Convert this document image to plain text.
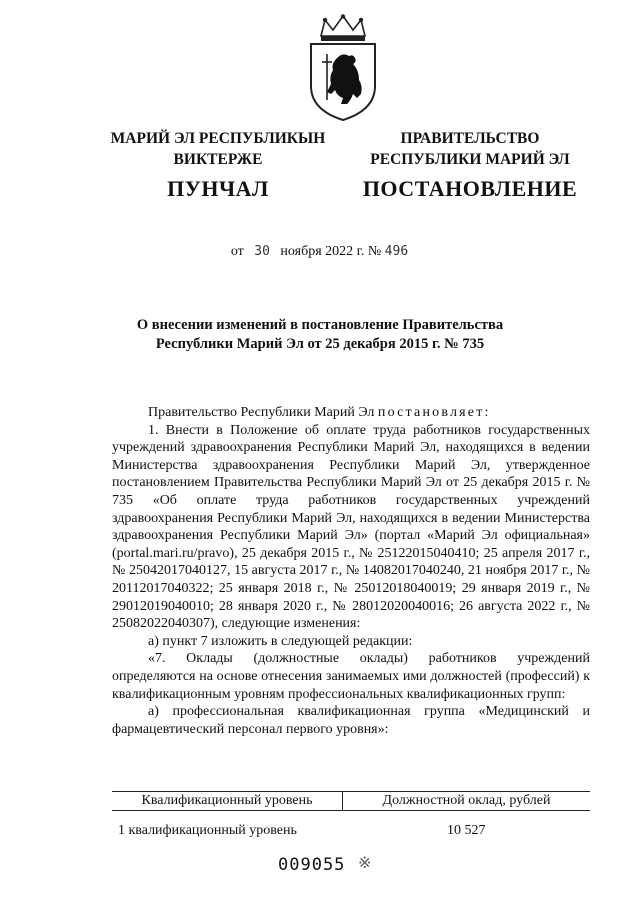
МАРИЙ ЭЛ РЕСПУБЛИКЫН
ВИКТЕРЖЕ
ПУНЧАЛ
ПРАВИТЕЛЬСТВО
РЕСПУБЛИКИ МАРИЙ ЭЛ
ПОСТАНОВЛЕНИЕ
от 30 ноября 2022 г. № 496
О внесении изменений в постановление Правительства
Республики Марий Эл от 25 декабря 2015 г. № 735

Правительство Республики Марий Эл постановляет:

1. Внести в Положение об оплате труда работников государственных учреждений здравоохранения Республики Марий Эл, находящихся в ведении Министерства здравоохранения Республики Марий Эл, утвержденное постановлением Правительства Республики Марий Эл от 25 декабря 2015 г. № 735 «Об оплате труда работников государственных учреждений здравоохранения Республики Марий Эл, находящихся в ведении Министерства здравоохранения Республики Марий Эл» (портал «Марий Эл официальная» (portal.mari.ru/pravo), 25 декабря 2015 г., № 25122015040410; 25 апреля 2017 г., № 25042017040127, 15 августа 2017 г., № 14082017040240, 21 ноября 2017 г., № 20112017040322; 25 января 2018 г., № 25012018040019; 29 января 2019 г., № 29012019040010; 28 января 2020 г., № 28012020040016; 26 августа 2022 г., № 25082022040307), следующие изменения:

а) пункт 7 изложить в следующей редакции:

«7. Оклады (должностные оклады) работников учреждений определяются на основе отнесения занимаемых ими должностей (профессий) к квалификационным уровням профессиональных квалификационных групп:

а) профессиональная квалификационная группа «Медицинский и фармацевтический персонал первого уровня»:

Квалификационный уровень	Должностной оклад, рублей
1 квалификационный уровень	10 527
009055 ※
